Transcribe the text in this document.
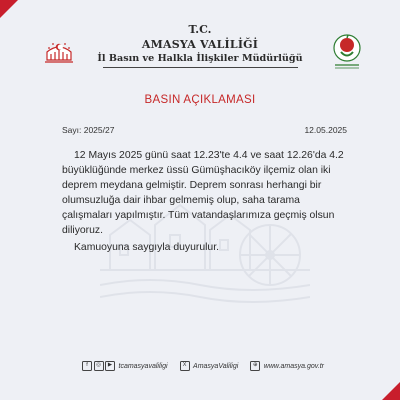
T.C.
AMASYA VALİLİĞİ
İl Basın ve Halkla İlişkiler Müdürlüğü
BASIN AÇIKLAMASI
Sayı: 2025/27	12.05.2025

12 Mayıs 2025 günü saat 12.23'te 4.4 ve saat 12.26'da 4.2 büyüklüğünde merkez üssü Gümüşhacıköy ilçemiz olan iki deprem meydana gelmiştir. Deprem sonrası herhangi bir olumsuzluğa dair ihbar gelmemiş olup, saha tarama çalışmaları yapılmıştır. Tüm vatandaşlarımıza geçmiş olsun diliyoruz.

Kamuoyuna saygıyla duyurulur.

f	◎	▶ tcamasyavaliligi	X AmasyaValiligi	⊕ www.amasya.gov.tr
